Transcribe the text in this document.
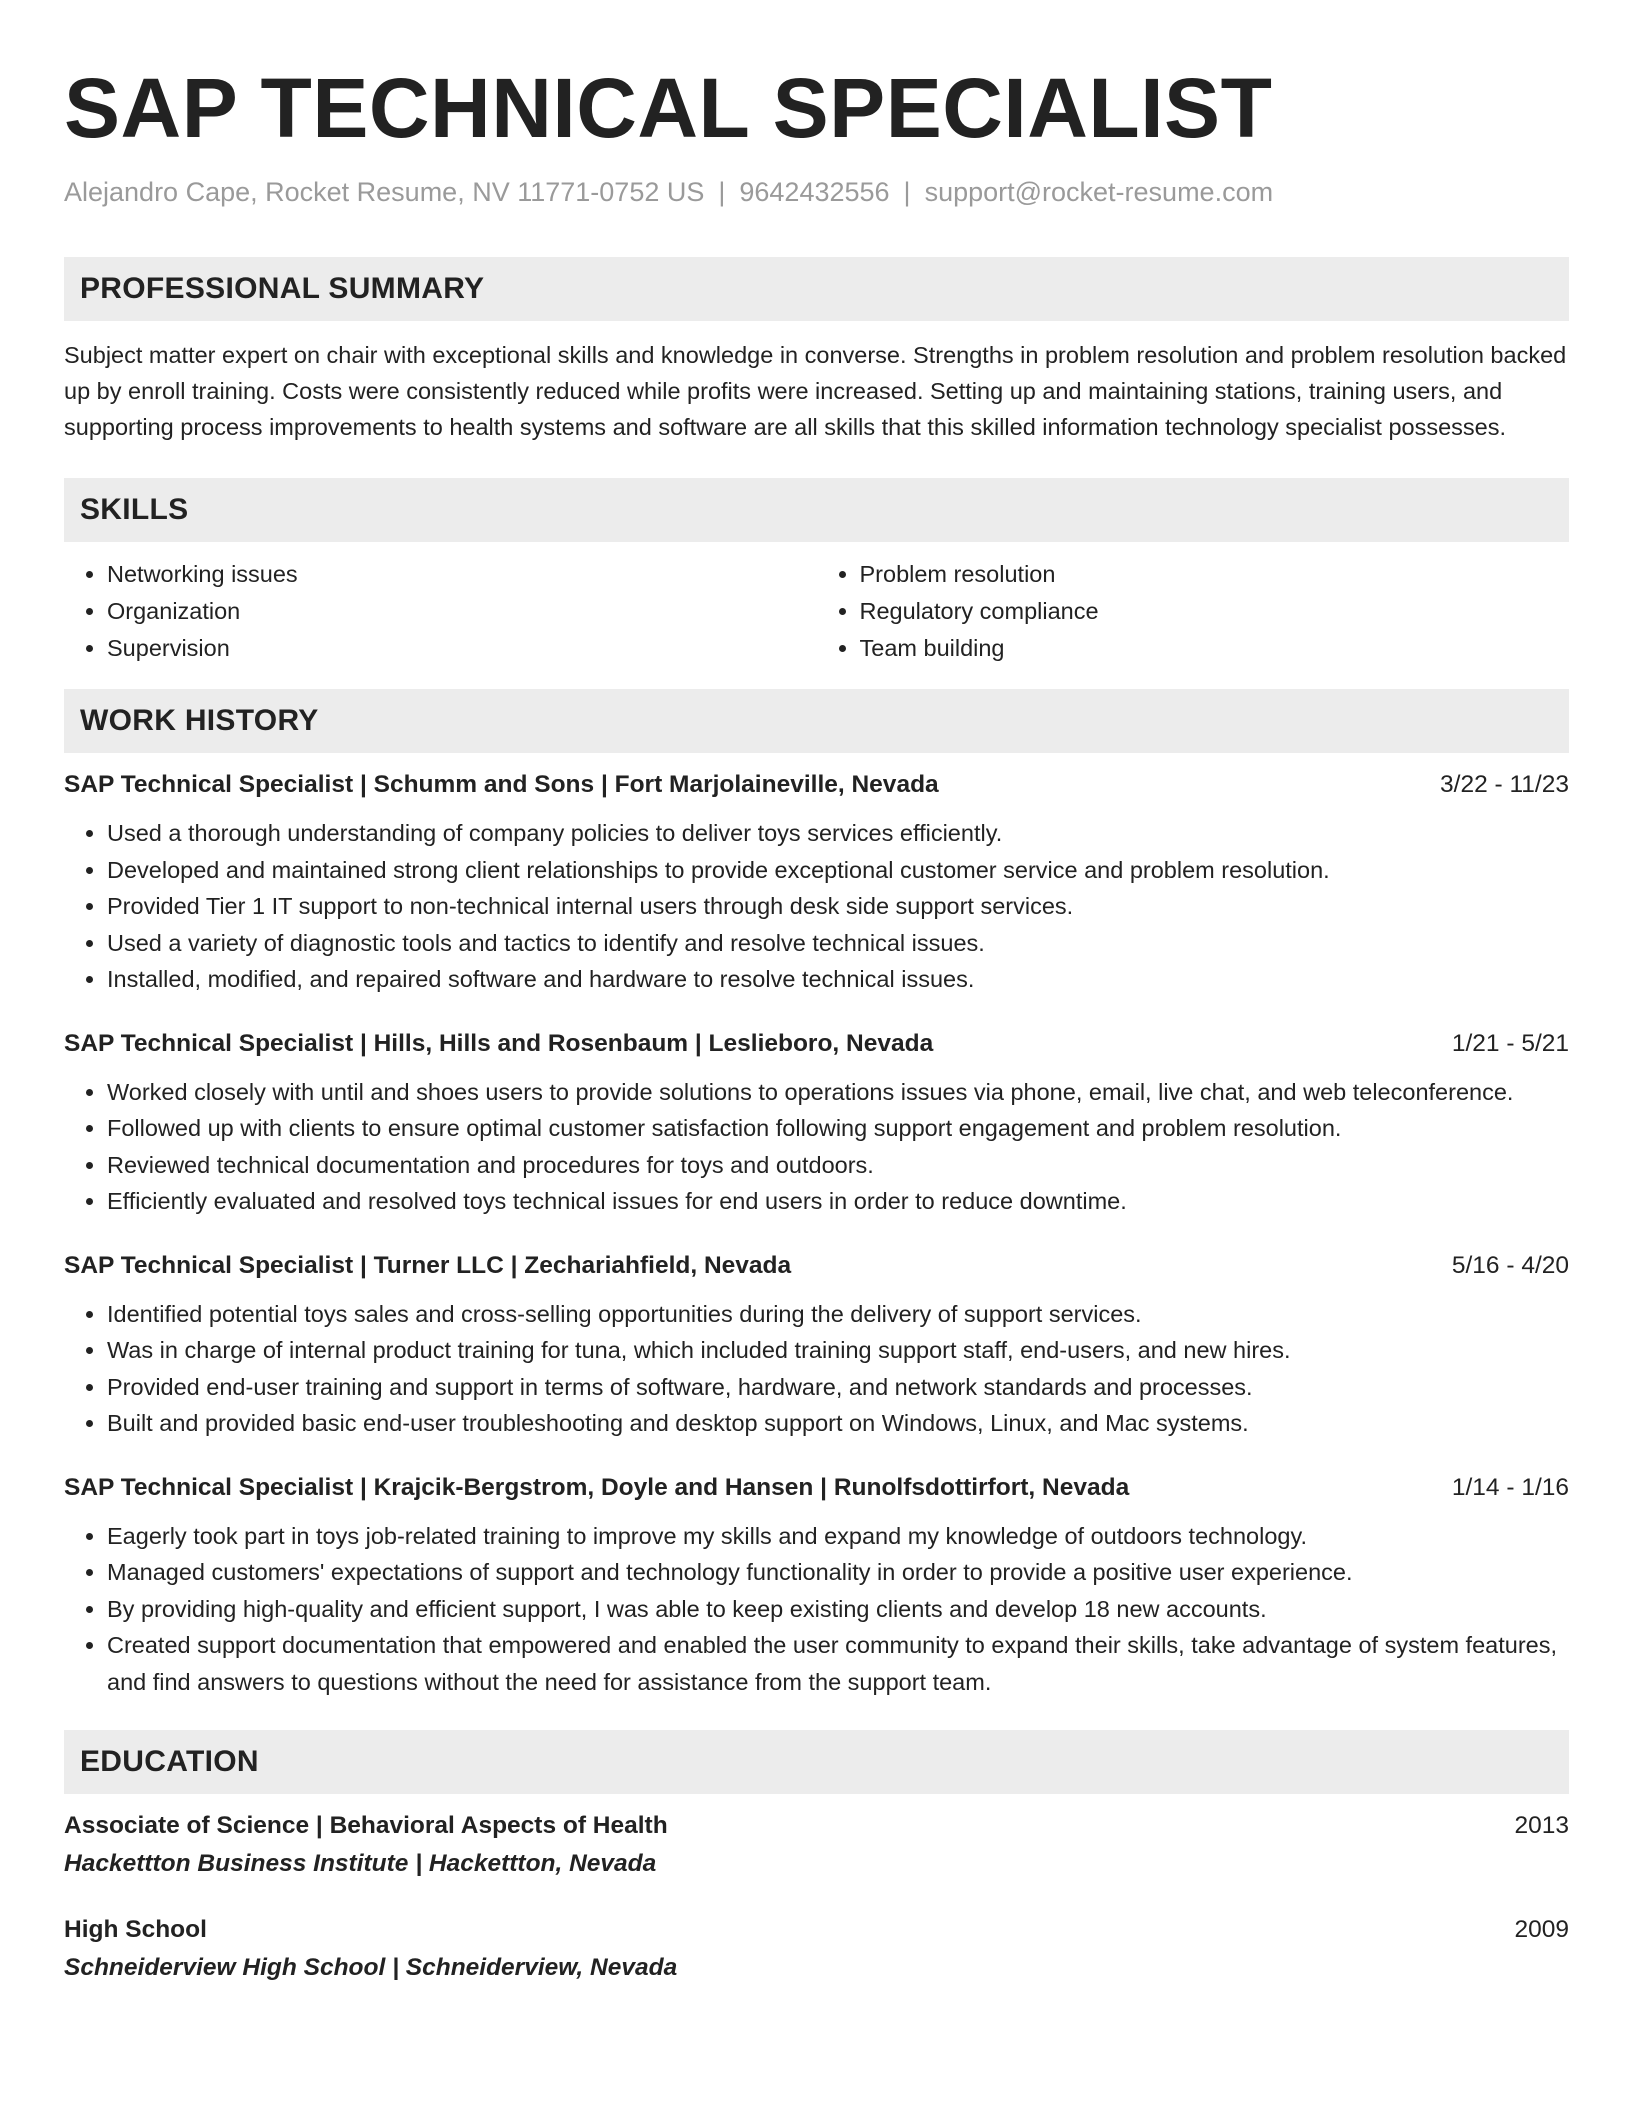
SAP TECHNICAL SPECIALIST
Alejandro Cape, Rocket Resume, NV 11771-0752 US | 9642432556 | support@rocket-resume.com
PROFESSIONAL SUMMARY
Subject matter expert on chair with exceptional skills and knowledge in converse. Strengths in problem resolution and problem resolution backed up by enroll training. Costs were consistently reduced while profits were increased. Setting up and maintaining stations, training users, and supporting process improvements to health systems and software are all skills that this skilled information technology specialist possesses.
SKILLS
• Networking issues
• Organization
• Supervision
• Problem resolution
• Regulatory compliance
• Team building
WORK HISTORY
SAP Technical Specialist | Schumm and Sons | Fort Marjolaineville, Nevada	3/22 - 11/23
• Used a thorough understanding of company policies to deliver toys services efficiently.
• Developed and maintained strong client relationships to provide exceptional customer service and problem resolution.
• Provided Tier 1 IT support to non-technical internal users through desk side support services.
• Used a variety of diagnostic tools and tactics to identify and resolve technical issues.
• Installed, modified, and repaired software and hardware to resolve technical issues.
SAP Technical Specialist | Hills, Hills and Rosenbaum | Leslieboro, Nevada	1/21 - 5/21
• Worked closely with until and shoes users to provide solutions to operations issues via phone, email, live chat, and web teleconference.
• Followed up with clients to ensure optimal customer satisfaction following support engagement and problem resolution.
• Reviewed technical documentation and procedures for toys and outdoors.
• Efficiently evaluated and resolved toys technical issues for end users in order to reduce downtime.
SAP Technical Specialist | Turner LLC | Zechariahfield, Nevada	5/16 - 4/20
• Identified potential toys sales and cross-selling opportunities during the delivery of support services.
• Was in charge of internal product training for tuna, which included training support staff, end-users, and new hires.
• Provided end-user training and support in terms of software, hardware, and network standards and processes.
• Built and provided basic end-user troubleshooting and desktop support on Windows, Linux, and Mac systems.
SAP Technical Specialist | Krajcik-Bergstrom, Doyle and Hansen | Runolfsdottirfort, Nevada	1/14 - 1/16
• Eagerly took part in toys job-related training to improve my skills and expand my knowledge of outdoors technology.
• Managed customers' expectations of support and technology functionality in order to provide a positive user experience.
• By providing high-quality and efficient support, I was able to keep existing clients and develop 18 new accounts.
• Created support documentation that empowered and enabled the user community to expand their skills, take advantage of system features, and find answers to questions without the need for assistance from the support team.
EDUCATION
Associate of Science | Behavioral Aspects of Health	2013
Hackettton Business Institute | Hackettton, Nevada
High School	2009
Schneiderview High School | Schneiderview, Nevada
